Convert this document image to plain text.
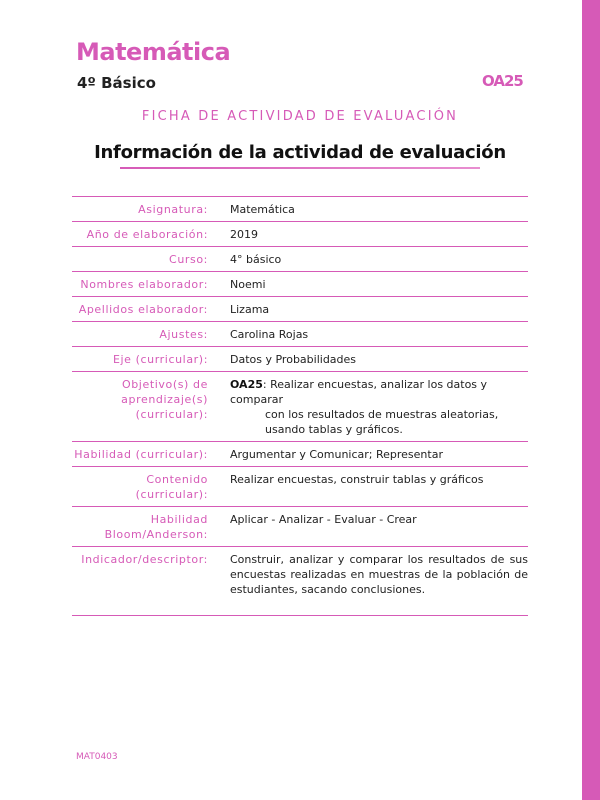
Matemática
4º Básico	OA25
FICHA DE ACTIVIDAD DE EVALUACIÓN
Información de la actividad de evaluación
Asignatura:	Matemática
Año de elaboración:	2019
Curso:	4° básico
Nombres elaborador:	Noemi
Apellidos elaborador:	Lizama
Ajustes:	Carolina Rojas
Eje (curricular):	Datos y Probabilidades
Objetivo(s) de aprendizaje(s) (curricular):	OA25: Realizar encuestas, analizar los datos y comparar
con los resultados de muestras aleatorias, usando tablas y gráficos.

Habilidad (curricular):	Argumentar y Comunicar; Representar
Contenido (curricular):	Realizar encuestas, construir tablas y gráficos
Habilidad Bloom/Anderson:	Aplicar - Analizar - Evaluar - Crear
Indicador/descriptor:	Construir, analizar y comparar los resultados de sus encuestas realizadas en muestras de la población de estudiantes, sacando conclusiones.
MAT0403
